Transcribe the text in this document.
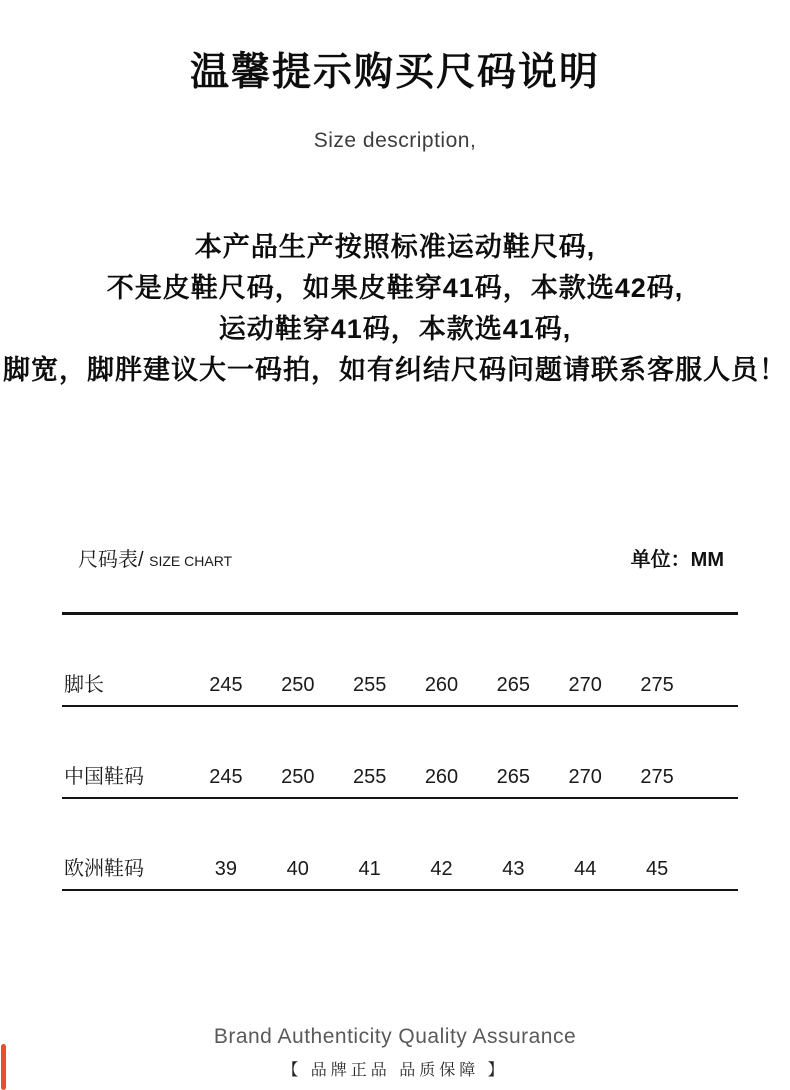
温馨提示购买尺码说明
Size description,
本产品生产按照标准运动鞋尺码,
不是皮鞋尺码，如果皮鞋穿41码，本款选42码,
运动鞋穿41码，本款选41码,
脚宽，脚胖建议大一码拍，如有纠结尺码问题请联系客服人员！
尺码表/ SIZE CHART	单位：MM
脚长	245	250	255	260	265	270	275
中国鞋码	245	250	255	260	265	270	275
欧洲鞋码	39	40	41	42	43	44	45
Brand Authenticity Quality Assurance
【 品牌正品 品质保障 】
